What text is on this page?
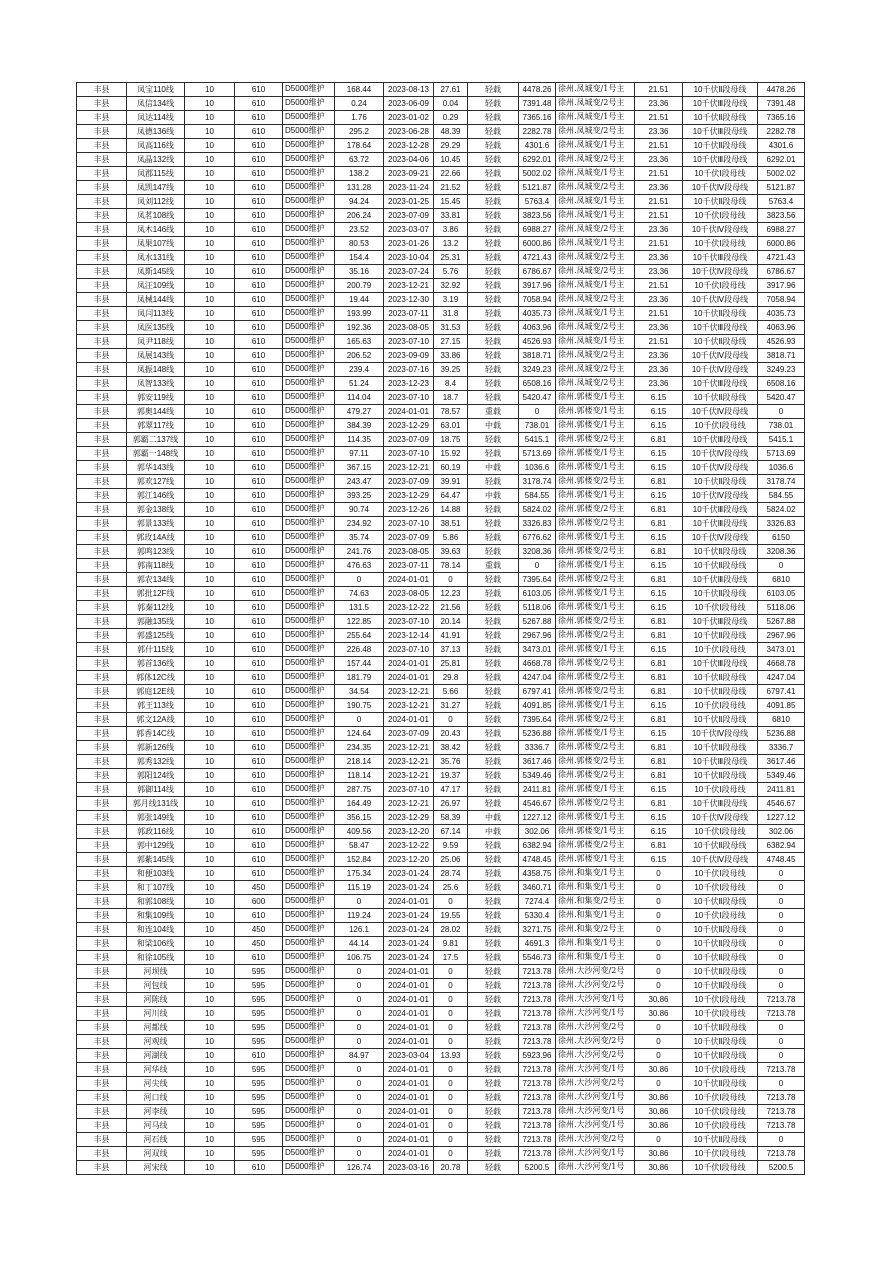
丰县	凤宝110线	10	610	D5000维护	168.44	2023-08-13	27.61	轻载	4478.26	徐州.凤城变/1号主	21.51	10千伏Ⅱ段母线	4478.26
丰县	凤信134线	10	610	D5000维护	0.24	2023-06-09	0.04	轻载	7391.48	徐州.凤城变/2号主	23.36	10千伏Ⅲ段母线	7391.48
丰县	凤达114线	10	610	D5000维护	1.76	2023-01-02	0.29	轻载	7365.16	徐州.凤城变/1号主	21.51	10千伏Ⅱ段母线	7365.16
丰县	凤德136线	10	610	D5000维护	295.2	2023-06-28	48.39	轻载	2282.78	徐州.凤城变/2号主	23.36	10千伏Ⅲ段母线	2282.78
丰县	凤高116线	10	610	D5000维护	178.64	2023-12-28	29.29	轻载	4301.6	徐州.凤城变/1号主	21.51	10千伏Ⅱ段母线	4301.6
丰县	凤晶132线	10	610	D5000维护	63.72	2023-04-06	10.45	轻载	6292.01	徐州.凤城变/2号主	23.36	10千伏Ⅲ段母线	6292.01
丰县	凤郡115线	10	610	D5000维护	138.2	2023-09-21	22.66	轻载	5002.02	徐州.凤城变/1号主	21.51	10千伏Ⅰ段母线	5002.02
丰县	凤凯147线	10	610	D5000维护	131.28	2023-11-24	21.52	轻载	5121.87	徐州.凤城变/2号主	23.36	10千伏Ⅳ段母线	5121.87
丰县	凤刘112线	10	610	D5000维护	94.24	2023-01-25	15.45	轻载	5763.4	徐州.凤城变/1号主	21.51	10千伏Ⅱ段母线	5763.4
丰县	凤茗108线	10	610	D5000维护	206.24	2023-07-09	33.81	轻载	3823.56	徐州.凤城变/1号主	21.51	10千伏Ⅰ段母线	3823.56
丰县	凤木146线	10	610	D5000维护	23.52	2023-03-07	3.86	轻载	6988.27	徐州.凤城变/2号主	23.36	10千伏Ⅳ段母线	6988.27
丰县	凤果107线	10	610	D5000维护	80.53	2023-01-26	13.2	轻载	6000.86	徐州.凤城变/1号主	21.51	10千伏Ⅰ段母线	6000.86
丰县	凤水131线	10	610	D5000维护	154.4	2023-10-04	25.31	轻载	4721.43	徐州.凤城变/2号主	23.36	10千伏Ⅲ段母线	4721.43
丰县	凤斯145线	10	610	D5000维护	35.16	2023-07-24	5.76	轻载	6786.67	徐州.凤城变/2号主	23.36	10千伏Ⅳ段母线	6786.67
丰县	凤汪109线	10	610	D5000维护	200.79	2023-12-21	32.92	轻载	3917.96	徐州.凤城变/1号主	21.51	10千伏Ⅰ段母线	3917.96
丰县	凤械144线	10	610	D5000维护	19.44	2023-12-30	3.19	轻载	7058.94	徐州.凤城变/2号主	23.36	10千伏Ⅳ段母线	7058.94
丰县	凤闫113线	10	610	D5000维护	193.99	2023-07-11	31.8	轻载	4035.73	徐州.凤城变/1号主	21.51	10千伏Ⅱ段母线	4035.73
丰县	凤医135线	10	610	D5000维护	192.36	2023-08-05	31.53	轻载	4063.96	徐州.凤城变/2号主	23.36	10千伏Ⅲ段母线	4063.96
丰县	凤尹118线	10	610	D5000维护	165.63	2023-07-10	27.15	轻载	4526.93	徐州.凤城变/1号主	21.51	10千伏Ⅱ段母线	4526.93
丰县	凤展143线	10	610	D5000维护	206.52	2023-09-09	33.86	轻载	3818.71	徐州.凤城变/2号主	23.36	10千伏Ⅳ段母线	3818.71
丰县	凤振148线	10	610	D5000维护	239.4	2023-07-16	39.25	轻载	3249.23	徐州.凤城变/2号主	23.36	10千伏Ⅳ段母线	3249.23
丰县	凤智133线	10	610	D5000维护	51.24	2023-12-23	8.4	轻载	6508.16	徐州.凤城变/2号主	23.36	10千伏Ⅲ段母线	6508.16
丰县	郭安119线	10	610	D5000维护	114.04	2023-07-10	18.7	轻载	5420.47	徐州.郭楼变/1号主	6.15	10千伏Ⅱ段母线	5420.47
丰县	郭奥144线	10	610	D5000维护	479.27	2024-01-01	78.57	重载	0	徐州.郭楼变/1号主	6.15	10千伏Ⅳ段母线	0
丰县	郭翠117线	10	610	D5000维护	384.39	2023-12-29	63.01	中载	738.01	徐州.郭楼变/1号主	6.15	10千伏Ⅰ段母线	738.01
丰县	郭霸二137线	10	610	D5000维护	114.35	2023-07-09	18.75	轻载	5415.1	徐州.郭楼变/2号主	6.81	10千伏Ⅲ段母线	5415.1
丰县	郭霸一148线	10	610	D5000维护	97.11	2023-07-10	15.92	轻载	5713.69	徐州.郭楼变/1号主	6.15	10千伏Ⅳ段母线	5713.69
丰县	郭华143线	10	610	D5000维护	367.15	2023-12-21	60.19	中载	1036.6	徐州.郭楼变/1号主	6.15	10千伏Ⅳ段母线	1036.6
丰县	郭欢127线	10	610	D5000维护	243.47	2023-07-09	39.91	轻载	3178.74	徐州.郭楼变/2号主	6.81	10千伏Ⅱ段母线	3178.74
丰县	郭江146线	10	610	D5000维护	393.25	2023-12-29	64.47	中载	584.55	徐州.郭楼变/1号主	6.15	10千伏Ⅳ段母线	584.55
丰县	郭金138线	10	610	D5000维护	90.74	2023-12-26	14.88	轻载	5824.02	徐州.郭楼变/2号主	6.81	10千伏Ⅲ段母线	5824.02
丰县	郭景133线	10	610	D5000维护	234.92	2023-07-10	38.51	轻载	3326.83	徐州.郭楼变/2号主	6.81	10千伏Ⅲ段母线	3326.83
丰县	郭玫14A线	10	610	D5000维护	35.74	2023-07-09	5.86	轻载	6776.62	徐州.郭楼变/1号主	6.15	10千伏Ⅳ段母线	6150
丰县	郭鸣123线	10	610	D5000维护	241.76	2023-08-05	39.63	轻载	3208.36	徐州.郭楼变/2号主	6.81	10千伏Ⅱ段母线	3208.36
丰县	郭南118线	10	610	D5000维护	476.63	2023-07-11	78.14	重载	0	徐州.郭楼变/1号主	6.15	10千伏Ⅱ段母线	0
丰县	郭农134线	10	610	D5000维护	0	2024-01-01	0	轻载	7395.64	徐州.郭楼变/2号主	6.81	10千伏Ⅲ段母线	6810
丰县	郭批12F线	10	610	D5000维护	74.63	2023-08-05	12.23	轻载	6103.05	徐州.郭楼变/1号主	6.15	10千伏Ⅱ段母线	6103.05
丰县	郭秦112线	10	610	D5000维护	131.5	2023-12-22	21.56	轻载	5118.06	徐州.郭楼变/1号主	6.15	10千伏Ⅰ段母线	5118.06
丰县	郭融135线	10	610	D5000维护	122.85	2023-07-10	20.14	轻载	5267.88	徐州.郭楼变/2号主	6.81	10千伏Ⅲ段母线	5267.88
丰县	郭盛125线	10	610	D5000维护	255.64	2023-12-14	41.91	轻载	2967.96	徐州.郭楼变/2号主	6.81	10千伏Ⅱ段母线	2967.96
丰县	郭什115线	10	610	D5000维护	226.48	2023-07-10	37.13	轻载	3473.01	徐州.郭楼变/1号主	6.15	10千伏Ⅰ段母线	3473.01
丰县	郭首136线	10	610	D5000维护	157.44	2024-01-01	25.81	轻载	4668.78	徐州.郭楼变/2号主	6.81	10千伏Ⅲ段母线	4668.78
丰县	郭体12C线	10	610	D5000维护	181.79	2024-01-01	29.8	轻载	4247.04	徐州.郭楼变/2号主	6.81	10千伏Ⅱ段母线	4247.04
丰县	郭庭12E线	10	610	D5000维护	34.54	2023-12-21	5.66	轻载	6797.41	徐州.郭楼变/2号主	6.81	10千伏Ⅱ段母线	6797.41
丰县	郭王113线	10	610	D5000维护	190.75	2023-12-21	31.27	轻载	4091.85	徐州.郭楼变/1号主	6.15	10千伏Ⅰ段母线	4091.85
丰县	郭文12A线	10	610	D5000维护	0	2024-01-01	0	轻载	7395.64	徐州.郭楼变/2号主	6.81	10千伏Ⅱ段母线	6810
丰县	郭香14C线	10	610	D5000维护	124.64	2023-07-09	20.43	轻载	5236.88	徐州.郭楼变/1号主	6.15	10千伏Ⅳ段母线	5236.88
丰县	郭新126线	10	610	D5000维护	234.35	2023-12-21	38.42	轻载	3336.7	徐州.郭楼变/2号主	6.81	10千伏Ⅱ段母线	3336.7
丰县	郭秀132线	10	610	D5000维护	218.14	2023-12-21	35.76	轻载	3617.46	徐州.郭楼变/2号主	6.81	10千伏Ⅲ段母线	3617.46
丰县	郭阳124线	10	610	D5000维护	118.14	2023-12-21	19.37	轻载	5349.46	徐州.郭楼变/2号主	6.81	10千伏Ⅱ段母线	5349.46
丰县	郭御114线	10	610	D5000维护	287.75	2023-07-10	47.17	轻载	2411.81	徐州.郭楼变/1号主	6.15	10千伏Ⅰ段母线	2411.81
丰县	郭月线131线	10	610	D5000维护	164.49	2023-12-21	26.97	轻载	4546.67	徐州.郭楼变/2号主	6.81	10千伏Ⅲ段母线	4546.67
丰县	郭张149线	10	610	D5000维护	356.15	2023-12-29	58.39	中载	1227.12	徐州.郭楼变/1号主	6.15	10千伏Ⅳ段母线	1227.12
丰县	郭政116线	10	610	D5000维护	409.56	2023-12-20	67.14	中载	302.06	徐州.郭楼变/1号主	6.15	10千伏Ⅰ段母线	302.06
丰县	郭中129线	10	610	D5000维护	58.47	2023-12-22	9.59	轻载	6382.94	徐州.郭楼变/2号主	6.81	10千伏Ⅱ段母线	6382.94
丰县	郭紫145线	10	610	D5000维护	152.84	2023-12-20	25.06	轻载	4748.45	徐州.郭楼变/1号主	6.15	10千伏Ⅳ段母线	4748.45
丰县	和便103线	10	610	D5000维护	175.34	2023-01-24	28.74	轻载	4358.75	徐州.和集变/1号主	0	10千伏Ⅰ段母线	0
丰县	和丁107线	10	450	D5000维护	115.19	2023-01-24	25.6	轻载	3460.71	徐州.和集变/1号主	0	10千伏Ⅰ段母线	0
丰县	和郭108线	10	600	D5000维护	0	2024-01-01	0	轻载	7274.4	徐州.和集变/2号主	0	10千伏Ⅱ段母线	0
丰县	和集109线	10	610	D5000维护	119.24	2023-01-24	19.55	轻载	5330.4	徐州.和集变/1号主	0	10千伏Ⅰ段母线	0
丰县	和连104线	10	450	D5000维护	126.1	2023-01-24	28.02	轻载	3271.75	徐州.和集变/2号主	0	10千伏Ⅱ段母线	0
丰县	和梁106线	10	450	D5000维护	44.14	2023-01-24	9.81	轻载	4691.3	徐州.和集变/1号主	0	10千伏Ⅱ段母线	0
丰县	和徐105线	10	610	D5000维护	106.75	2023-01-24	17.5	轻载	5546.73	徐州.和集变/1号主	0	10千伏Ⅱ段母线	0
丰县	河坝线	10	595	D5000维护	0	2024-01-01	0	轻载	7213.78	徐州.大沙河变/2号	0	10千伏Ⅱ段母线	0
丰县	河包线	10	595	D5000维护	0	2024-01-01	0	轻载	7213.78	徐州.大沙河变/2号	0	10千伏Ⅱ段母线	0
丰县	河陈线	10	595	D5000维护	0	2024-01-01	0	轻载	7213.78	徐州.大沙河变/1号	30.86	10千伏Ⅰ段母线	7213.78
丰县	河川线	10	595	D5000维护	0	2024-01-01	0	轻载	7213.78	徐州.大沙河变/1号	30.86	10千伏Ⅰ段母线	7213.78
丰县	河都线	10	595	D5000维护	0	2024-01-01	0	轻载	7213.78	徐州.大沙河变/2号	0	10千伏Ⅱ段母线	0
丰县	河观线	10	595	D5000维护	0	2024-01-01	0	轻载	7213.78	徐州.大沙河变/2号	0	10千伏Ⅱ段母线	0
丰县	河湖线	10	610	D5000维护	84.97	2023-03-04	13.93	轻载	5923.96	徐州.大沙河变/2号	0	10千伏Ⅱ段母线	0
丰县	河华线	10	595	D5000维护	0	2024-01-01	0	轻载	7213.78	徐州.大沙河变/1号	30.86	10千伏Ⅰ段母线	7213.78
丰县	河尖线	10	595	D5000维护	0	2024-01-01	0	轻载	7213.78	徐州.大沙河变/2号	0	10千伏Ⅱ段母线	0
丰县	河口线	10	595	D5000维护	0	2024-01-01	0	轻载	7213.78	徐州.大沙河变/1号	30.86	10千伏Ⅰ段母线	7213.78
丰县	河李线	10	595	D5000维护	0	2024-01-01	0	轻载	7213.78	徐州.大沙河变/1号	30.86	10千伏Ⅰ段母线	7213.78
丰县	河马线	10	595	D5000维护	0	2024-01-01	0	轻载	7213.78	徐州.大沙河变/1号	30.86	10千伏Ⅰ段母线	7213.78
丰县	河石线	10	595	D5000维护	0	2024-01-01	0	轻载	7213.78	徐州.大沙河变/2号	0	10千伏Ⅱ段母线	0
丰县	河双线	10	595	D5000维护	0	2024-01-01	0	轻载	7213.78	徐州.大沙河变/1号	30.86	10千伏Ⅰ段母线	7213.78
丰县	河宋线	10	610	D5000维护	126.74	2023-03-16	20.78	轻载	5200.5	徐州.大沙河变/1号	30.86	10千伏Ⅰ段母线	5200.5
